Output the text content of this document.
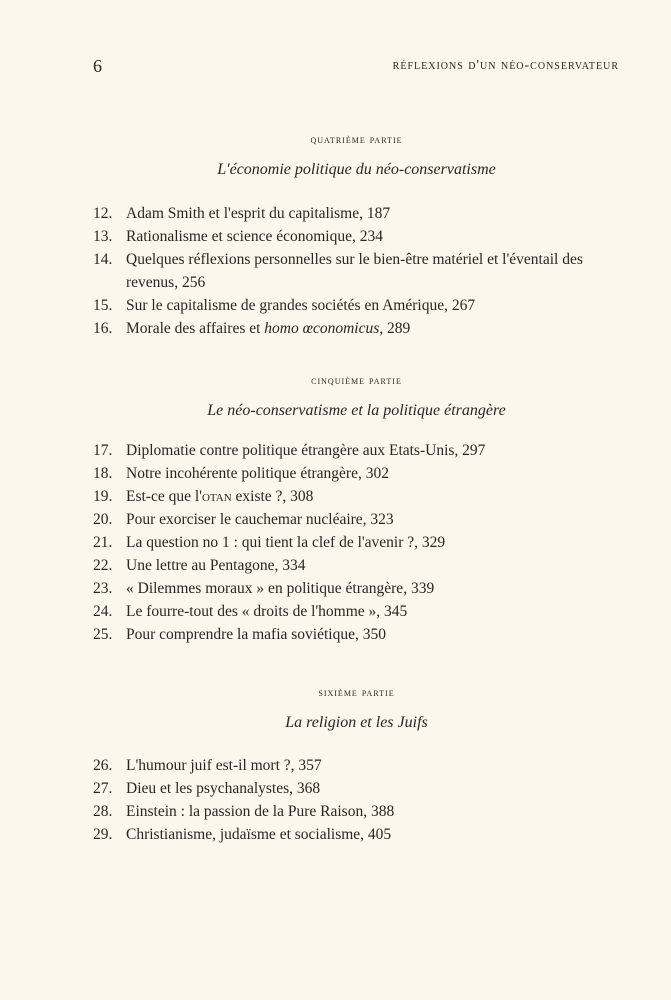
6	réflexions d'un néo-conservateur

quatrième partie

L'économie politique du néo-conservatisme

12. Adam Smith et l'esprit du capitalisme, 187
13. Rationalisme et science économique, 234
14. Quelques réflexions personnelles sur le bien-être matériel et l'éventail des revenus, 256
15. Sur le capitalisme de grandes sociétés en Amérique, 267
16. Morale des affaires et homo œconomicus, 289

cinquième partie

Le néo-conservatisme et la politique étrangère

17. Diplomatie contre politique étrangère aux Etats-Unis, 297
18. Notre incohérente politique étrangère, 302
19. Est-ce que l'otan existe ?, 308
20. Pour exorciser le cauchemar nucléaire, 323
21. La question no 1 : qui tient la clef de l'avenir ?, 329
22. Une lettre au Pentagone, 334
23. « Dilemmes moraux » en politique étrangère, 339
24. Le fourre-tout des « droits de l'homme », 345
25. Pour comprendre la mafia soviétique, 350

sixième partie

La religion et les Juifs

26. L'humour juif est-il mort ?, 357
27. Dieu et les psychanalystes, 368
28. Einstein : la passion de la Pure Raison, 388
29. Christianisme, judaïsme et socialisme, 405
